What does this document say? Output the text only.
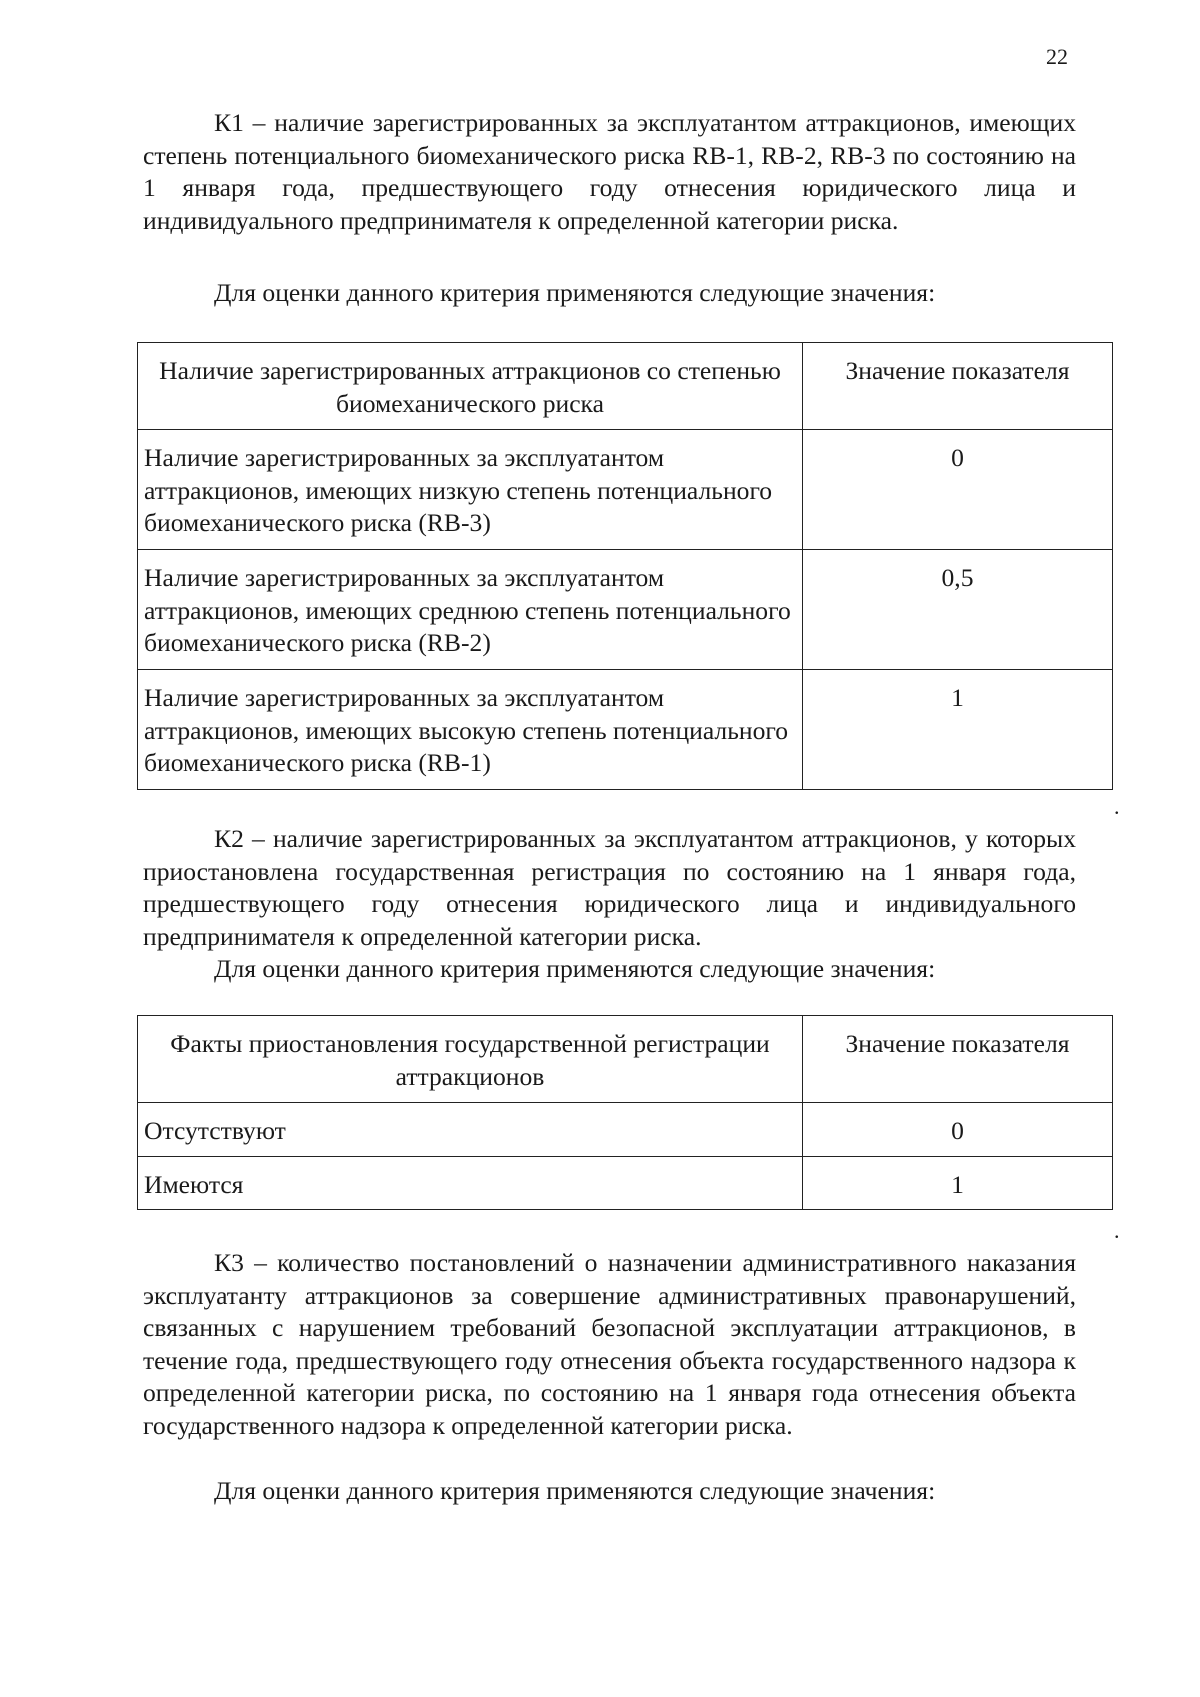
22

К1 – наличие зарегистрированных за эксплуатантом аттракционов, имеющих степень потенциального биомеханического риска RB-1, RB-2, RB-3 по состоянию на 1 января года, предшествующего году отнесения юридического лица и индивидуального предпринимателя к определенной категории риска.

Для оценки данного критерия применяются следующие значения:

Наличие зарегистрированных аттракционов со степенью биомеханического риска	Значение показателя
Наличие зарегистрированных за эксплуатантом аттракционов, имеющих низкую степень потенциального биомеханического риска (RB-3)	0
Наличие зарегистрированных за эксплуатантом аттракционов, имеющих среднюю степень потенциального биомеханического риска (RB-2)	0,5
Наличие зарегистрированных за эксплуатантом аттракционов, имеющих высокую степень потенциального биомеханического риска (RB-1)	1
.

К2 – наличие зарегистрированных за эксплуатантом аттракционов, у которых приостановлена государственная регистрация по состоянию на 1 января года, предшествующего году отнесения юридического лица и индивидуального предпринимателя к определенной категории риска.

Для оценки данного критерия применяются следующие значения:

Факты приостановления государственной регистрации аттракционов	Значение показателя
Отсутствуют	0
Имеются	1
.

К3 – количество постановлений о назначении административного наказания эксплуатанту аттракционов за совершение административных правонарушений, связанных с нарушением требований безопасной эксплуатации аттракционов, в течение года, предшествующего году отнесения объекта государственного надзора к определенной категории риска, по состоянию на 1 января года отнесения объекта государственного надзора к определенной категории риска.

Для оценки данного критерия применяются следующие значения:
